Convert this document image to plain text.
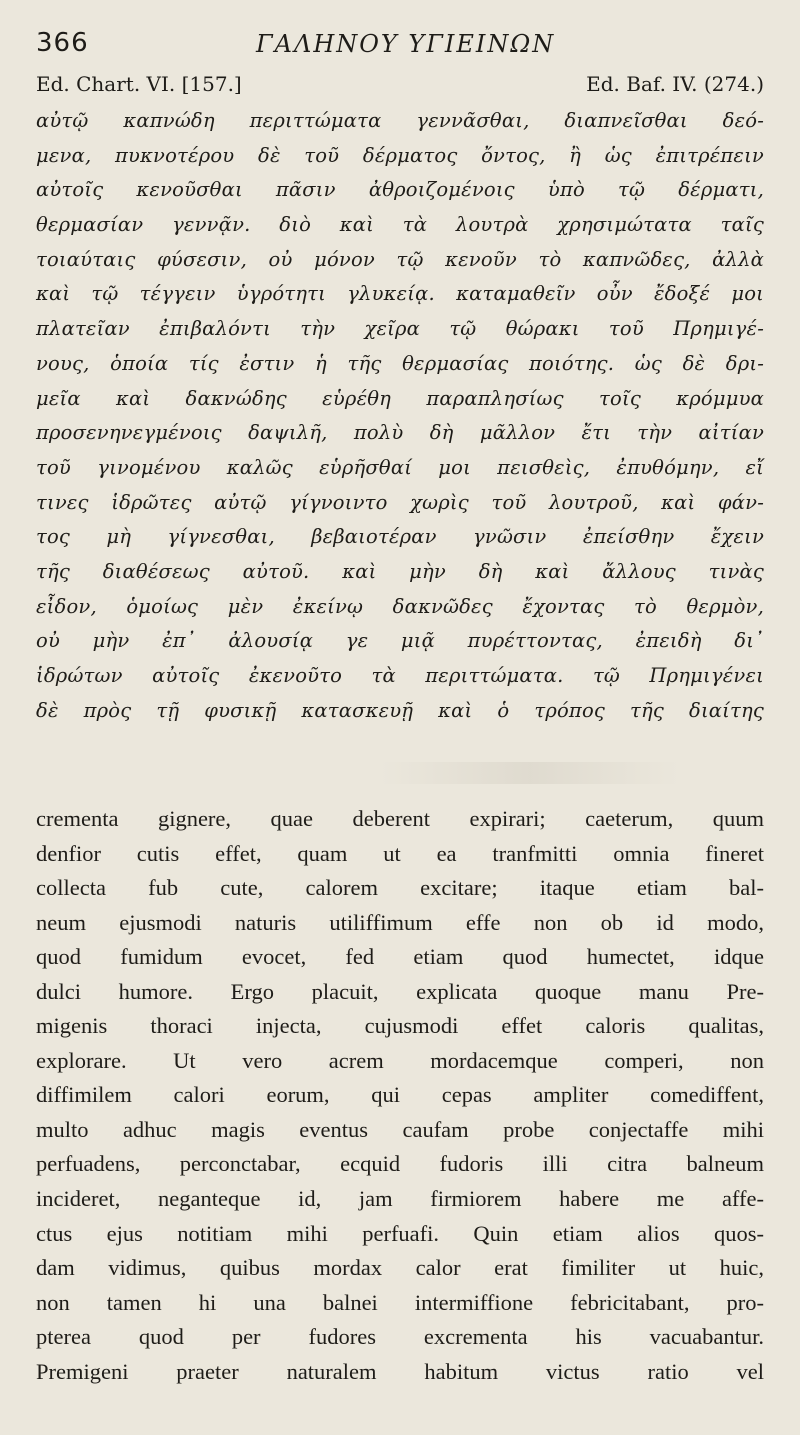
366	ΓΑΛΗΝΟΥ ΥΓΙΕΙΝΩΝ
Ed. Chart. VI. [157.]	Ed. Baf. IV. (274.)
αὐτῷ καπνώδη περιττώματα γεννᾶσθαι, διαπνεῖσθαι δεό-
μενα, πυκνοτέρου δὲ τοῦ δέρματος ὄντος, ἢ ὡς ἐπιτρέπειν
αὐτοῖς κενοῦσθαι πᾶσιν ἀθροιζομένοις ὑπὸ τῷ δέρματι,
θερμασίαν γεννᾷν. διὸ καὶ τὰ λουτρὰ χρησιμώτατα ταῖς
τοιαύταις φύσεσιν, οὐ μόνον τῷ κενοῦν τὸ καπνῶδες, ἀλλὰ
καὶ τῷ τέγγειν ὑγρότητι γλυκείᾳ. καταμαθεῖν οὖν ἔδοξέ μοι
πλατεῖαν ἐπιβαλόντι τὴν χεῖρα τῷ θώρακι τοῦ Πρημιγέ-
νους, ὁποία τίς ἐστιν ἡ τῆς θερμασίας ποιότης. ὡς δὲ δρι-
μεῖα καὶ δακνώδης εὑρέθη παραπλησίως τοῖς κρόμμυα
προσενηνεγμένοις δαψιλῆ, πολὺ δὴ μᾶλλον ἔτι τὴν αἰτίαν
τοῦ γινομένου καλῶς εὑρῆσθαί μοι πεισθεὶς, ἐπυθόμην, εἴ
τινες ἱδρῶτες αὐτῷ γίγνοιντο χωρὶς τοῦ λουτροῦ, καὶ φάν-
τος μὴ γίγνεσθαι, βεβαιοτέραν γνῶσιν ἐπείσθην ἔχειν
τῆς διαθέσεως αὐτοῦ. καὶ μὴν δὴ καὶ ἄλλους τινὰς
εἶδον, ὁμοίως μὲν ἐκείνῳ δακνῶδες ἔχοντας τὸ θερμὸν,
οὐ μὴν ἐπ᾽ ἀλουσίᾳ γε μιᾷ πυρέττοντας, ἐπειδὴ δι᾽
ἱδρώτων αὐτοῖς ἐκενοῦτο τὰ περιττώματα. τῷ Πρημιγένει
δὲ πρὸς τῇ φυσικῇ κατασκευῇ καὶ ὁ τρόπος τῆς διαίτης
crementa gignere, quae deberent expirari; caeterum, quum
denfior cutis effet, quam ut ea tranfmitti omnia fineret
collecta fub cute, calorem excitare; itaque etiam bal-
neum ejusmodi naturis utiliffimum effe non ob id modo,
quod fumidum evocet, fed etiam quod humectet, idque
dulci humore. Ergo placuit, explicata quoque manu Pre-
migenis thoraci injecta, cujusmodi effet caloris qualitas,
explorare. Ut vero acrem mordacemque comperi, non
diffimilem calori eorum, qui cepas ampliter comediffent,
multo adhuc magis eventus caufam probe conjectaffe mihi
perfuadens, perconctabar, ecquid fudoris illi citra balneum
incideret, neganteque id, jam firmiorem habere me affe-
ctus ejus notitiam mihi perfuafi. Quin etiam alios quos-
dam vidimus, quibus mordax calor erat fimiliter ut huic,
non tamen hi una balnei intermiffione febricitabant, pro-
pterea quod per fudores excrementa his vacuabantur.
Premigeni praeter naturalem habitum victus ratio vel
